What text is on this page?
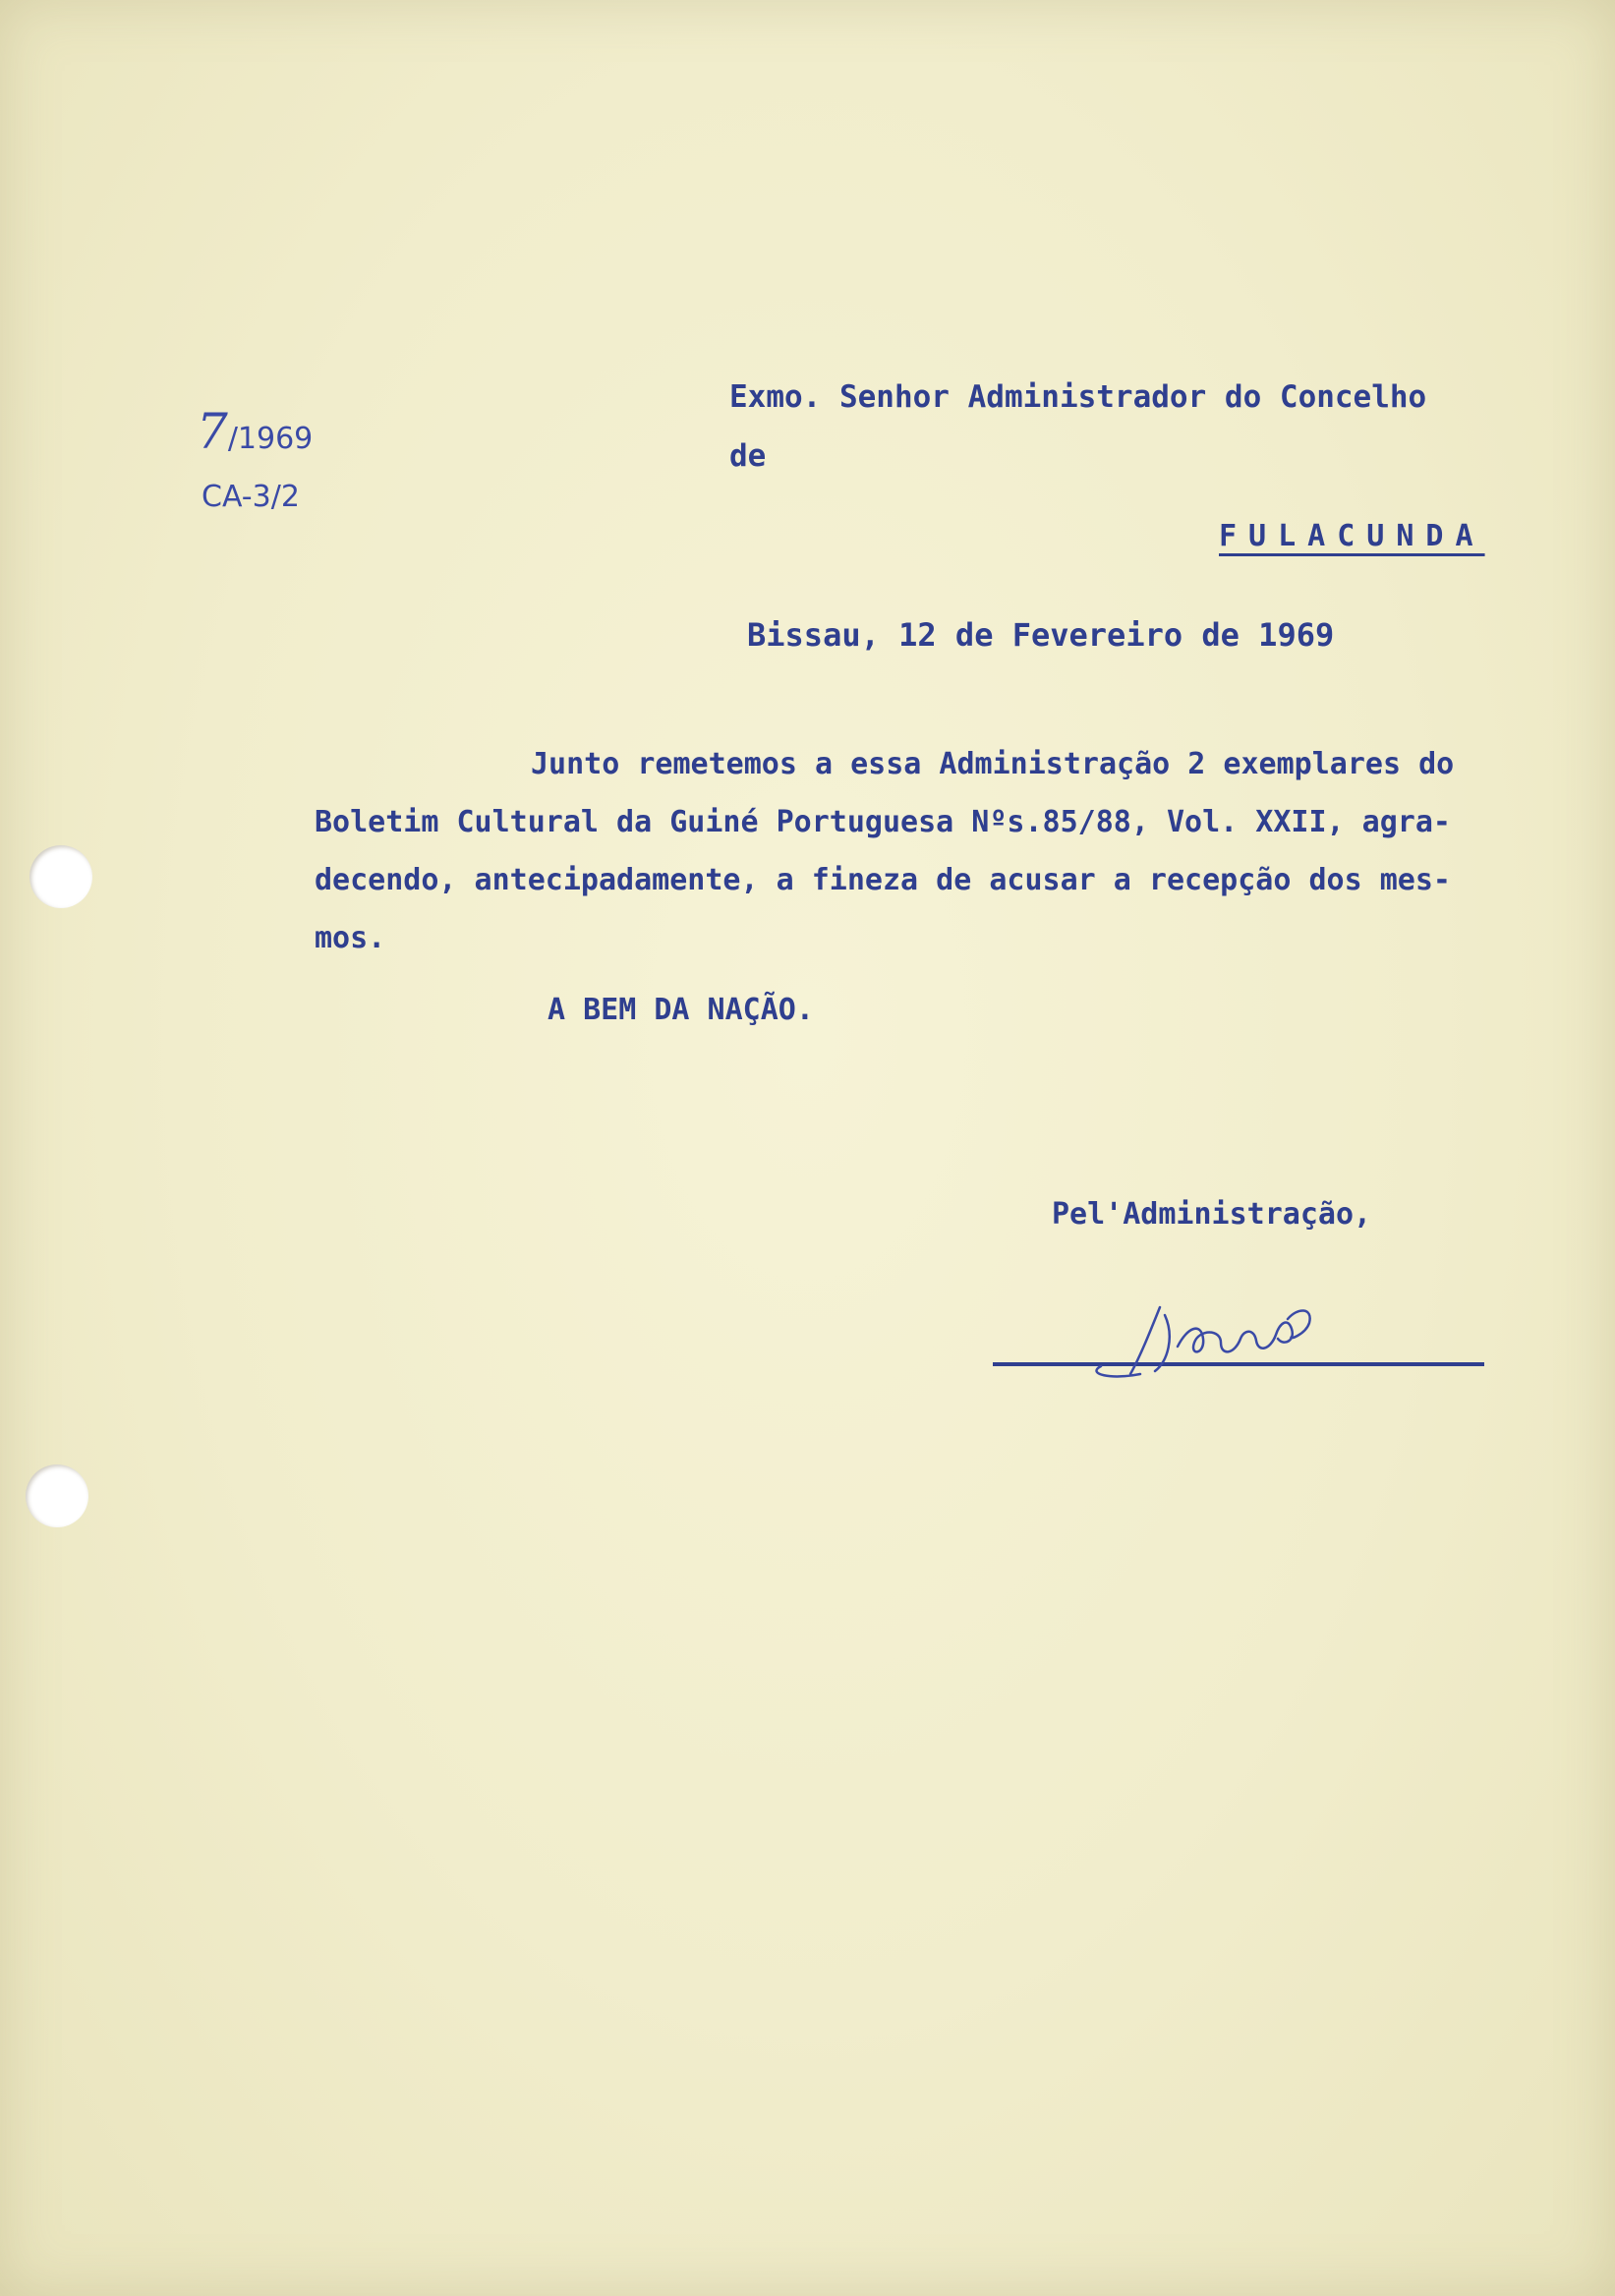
7/1969
CA-3/2
Exmo. Senhor Administrador do Concelho
de
FULACUNDA
Bissau, 12 de Fevereiro de 1969
Junto remetemos a essa Administração 2 exemplares do
Boletim Cultural da Guiné Portuguesa Nºs.85/88, Vol. XXII, agra-
decendo, antecipadamente, a fineza de acusar a recepção dos mes-
mos.
A BEM DA NAÇÃO.
Pel'Administração,
